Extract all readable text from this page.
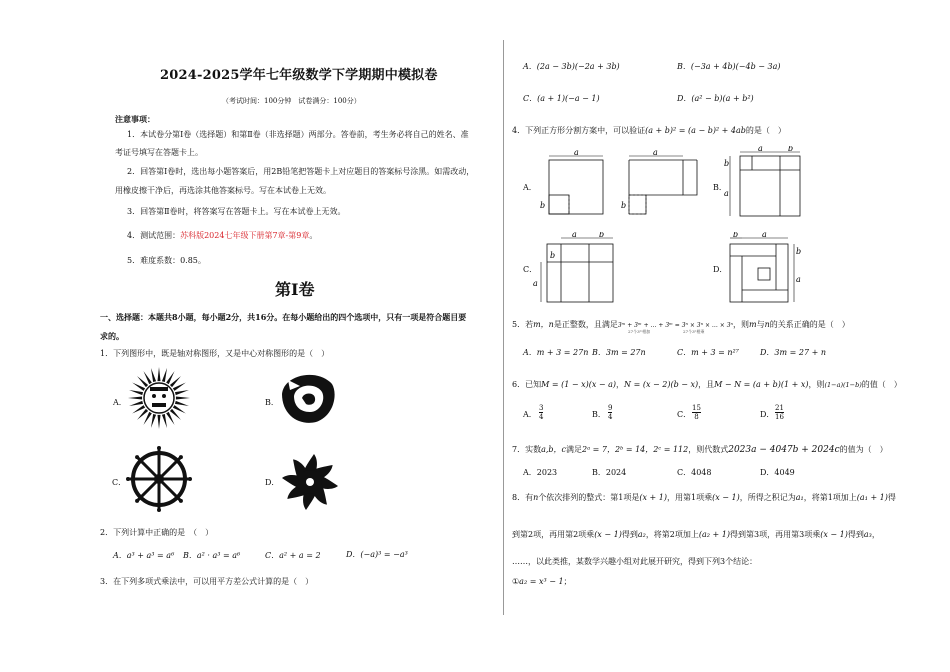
2024-2025学年七年级数学下学期期中模拟卷
（考试时间：100分钟　试卷满分：100分）
注意事项：
1．本试卷分第Ⅰ卷（选择题）和第Ⅱ卷（非选择题）两部分。答卷前，考生务必将自己的姓名、准
考证号填写在答题卡上。
2．回答第Ⅰ卷时，选出每小题答案后，用2B铅笔把答题卡上对应题目的答案标号涂黑。如需改动，
用橡皮擦干净后，再选涂其他答案标号。写在本试卷上无效。
3．回答第Ⅱ卷时，将答案写在答题卡上。写在本试卷上无效。
4．测试范围：苏科版2024七年级下册第7章-第9章。
5．难度系数：0.85。
第Ⅰ卷
一、选择题：本题共8小题，每小题2分，共16分。在每小题给出的四个选项中，只有一项是符合题目要
求的。
1．下列图形中，既是轴对称图形，又是中心对称图形的是（　）
A．	B．
C．	D．
2．下列计算中正确的是　（　）
A．a³ + a³ = a⁶ B．a² · a³ = a⁶	C．a² + a = 2	D．(−a)³ = −a³
3．在下列多项式乘法中，可以用平方差公式计算的是（　）
A．(2a − 3b)(−2a + 3b)	B．(−3a + 4b)(−4b − 3a)
C．(a + 1)(−a − 1)	D．(a² − b)(a + b²)
4．下列正方形分割方案中，可以验证(a + b)² = (a − b)² + 4ab的是（　）
A．
a
b
a
b
B．
a	b
b
a
C．
a	b
b
a
D．
b	a
b
a
5．若m，n是正整数，且满足3ᵐ + 3ᵐ + … + 3ᵐ = 3ⁿ × 3ⁿ × … × 3ⁿ，则m与n的关系正确的是（　）
27个3ᵐ相加	27个3ⁿ相乘
A．m + 3 = 27n B．3m = 27n	C．m + 3 = n²⁷	D．3m = 27 + n
6．已知M = (1 − x)(x − a)，N = (x − 2)(b − x)，且M − N = (a + b)(1 + x)，则(1−a)(1−b)的值（　）
A．
3
4	B．
9
4	C．
15
8	D．
21
16
7．实数a,b，c满足2ᵃ = 7，2ᵇ = 14，2ᶜ = 112，则代数式2023a − 4047b + 2024c的值为（　）
A．2023	B．2024	C．4048	D．4049
8．有n个依次排列的整式：第1项是(x + 1)，用第1项乘(x − 1)，所得之积记为a₁，将第1项加上(a₁ + 1)得
到第2项，再用第2项乘(x − 1)得到a₂，将第2项加上(a₂ + 1)得到第3项，再用第3项乘(x − 1)得到a₃，
……，以此类推，某数学兴趣小组对此展开研究，得到下列3个结论：
①a₂ = x³ − 1；
